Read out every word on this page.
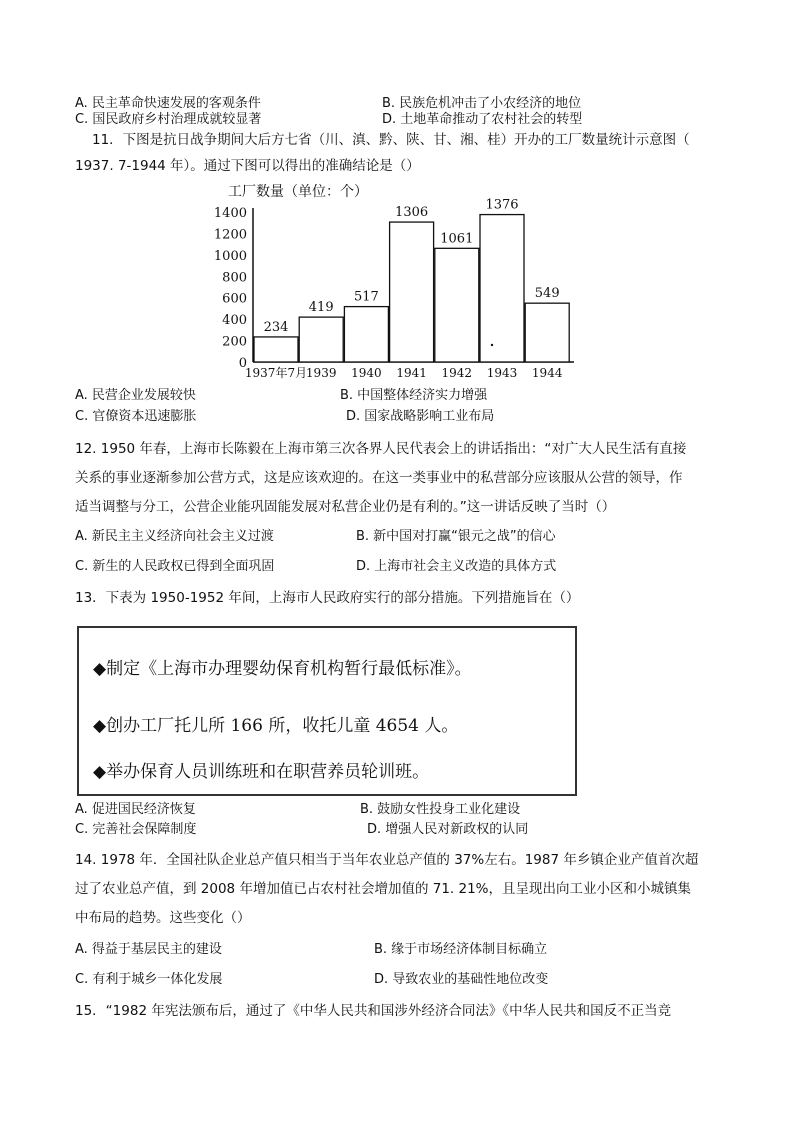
A. 民主革命快速发展的客观条件	B. 民族危机冲击了小农经济的地位
C. 国民政府乡村治理成就较显著	D. 土地革命推动了农村社会的转型
11．下图是抗日战争期间大后方七省（川、滇、黔、陕、甘、湘、桂）开办的工厂数量统计示意图（
1937. 7-1944 年）。通过下图可以得出的准确结论是（）
工厂数量（单位：个）
0
200
400
600
800
1000
1200
1400
234
419
517
1306
1061
1376
549
1937年7月
1939 1940 1941 1942 1943 1944
A. 民营企业发展较快	B. 中国整体经济实力增强
C. 官僚资本迅速膨胀	D. 国家战略影响工业布局
12. 1950 年春，上海市长陈毅在上海市第三次各界人民代表会上的讲话指出：“对广大人民生活有直接
关系的事业逐渐参加公营方式，这是应该欢迎的。在这一类事业中的私营部分应该服从公营的领导，作
适当调整与分工，公营企业能巩固能发展对私营企业仍是有利的。”这一讲话反映了当时（）
A. 新民主主义经济向社会主义过渡	B. 新中国对打赢“银元之战”的信心
C. 新生的人民政权已得到全面巩固	D. 上海市社会主义改造的具体方式
13．下表为 1950-1952 年间，上海市人民政府实行的部分措施。下列措施旨在（）
◆制定《上海市办理婴幼保育机构暂行最低标准》。
◆创办工厂托儿所 166 所，收托儿童 4654 人。
◆举办保育人员训练班和在职营养员轮训班。
A. 促进国民经济恢复	B. 鼓励女性投身工业化建设
C. 完善社会保障制度	D. 增强人民对新政权的认同
14. 1978 年．全国社队企业总产值只相当于当年农业总产值的 37%左右。1987 年乡镇企业产值首次超
过了农业总产值，到 2008 年增加值已占农村社会增加值的 71. 21%，且呈现出向工业小区和小城镇集
中布局的趋势。这些变化（）
A. 得益于基层民主的建设	B. 缘于市场经济体制目标确立
C. 有利于城乡一体化发展	D. 导致农业的基础性地位改变
15．“1982 年宪法颁布后，通过了《中华人民共和国涉外经济合同法》《中华人民共和国反不正当竞
